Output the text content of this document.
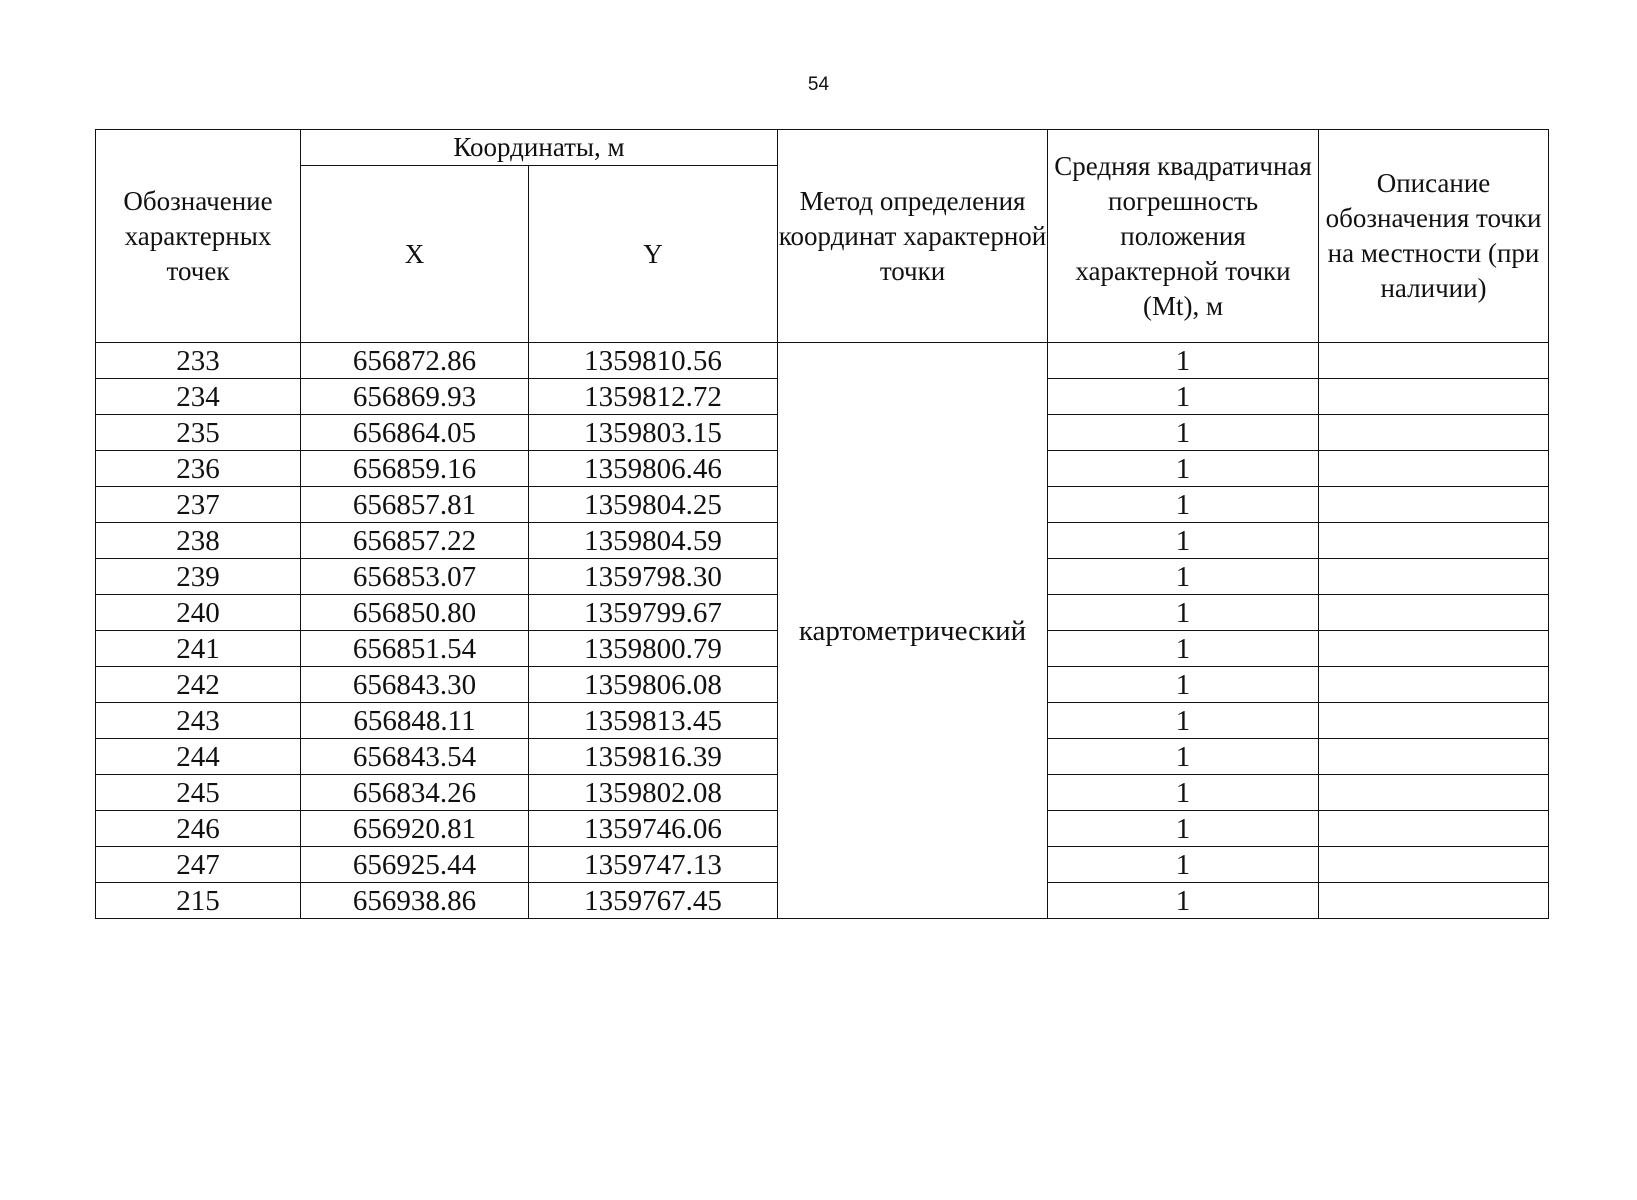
54
Обозначение характерных точек	Координаты, м		Метод определения координат характерной точки	Средняя квадратичная погрешность положения характерной точки (Mt), м	Описание обозначения точки на местности (при наличии)
	X	Y			
233	656872.86	1359810.56	картометрический	1	
234	656869.93	1359812.72		1	
235	656864.05	1359803.15		1	
236	656859.16	1359806.46		1	
237	656857.81	1359804.25		1	
238	656857.22	1359804.59		1	
239	656853.07	1359798.30		1	
240	656850.80	1359799.67		1	
241	656851.54	1359800.79		1	
242	656843.30	1359806.08		1	
243	656848.11	1359813.45		1	
244	656843.54	1359816.39		1	
245	656834.26	1359802.08		1	
246	656920.81	1359746.06		1	
247	656925.44	1359747.13		1	
215	656938.86	1359767.45		1	
